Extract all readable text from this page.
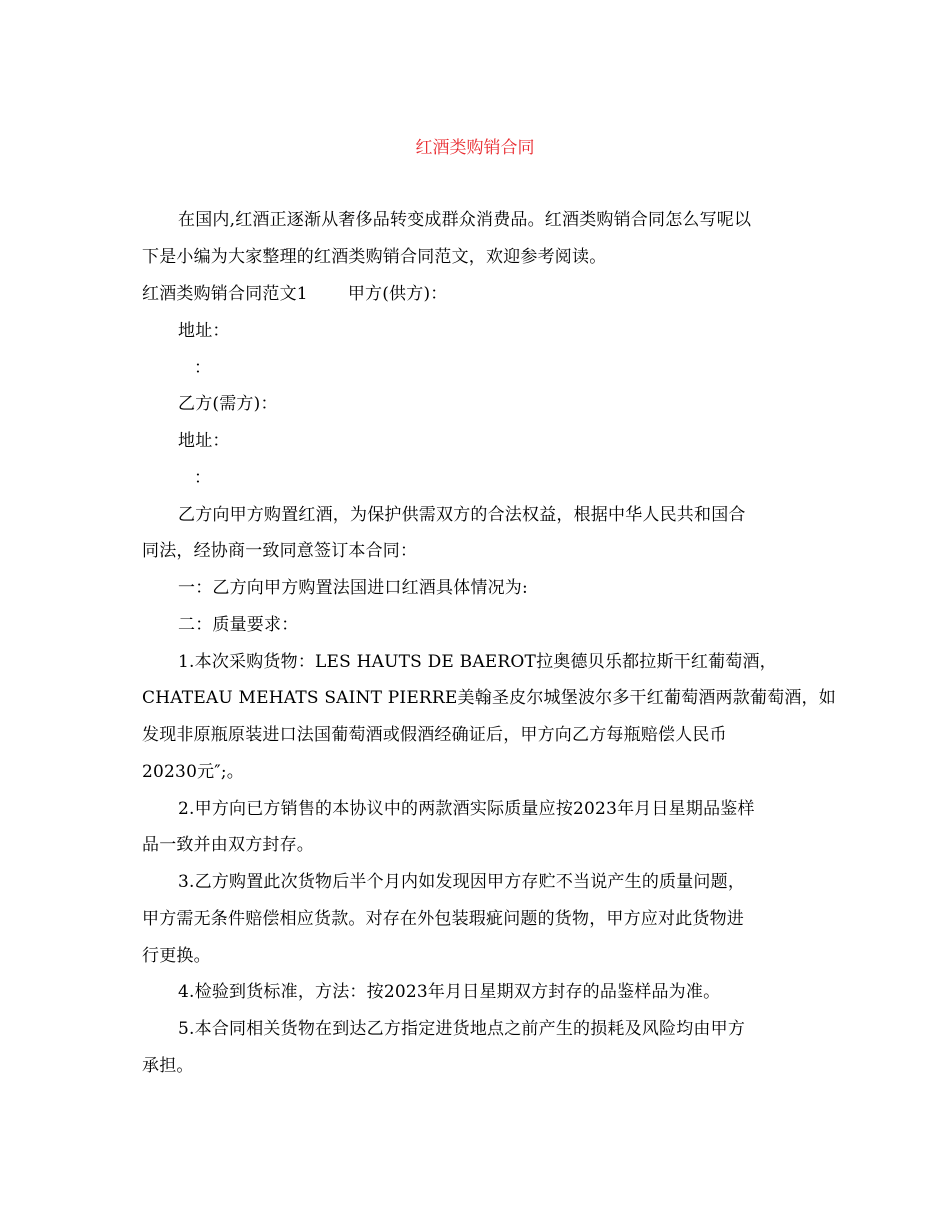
红酒类购销合同
在国内,红酒正逐渐从奢侈品转变成群众消费品。红酒类购销合同怎么写呢以
下是小编为大家整理的红酒类购销合同范文，欢迎参考阅读。
红酒类购销合同范文1 甲方(供方)：
地址：
：
乙方(需方)：
地址：
：
乙方向甲方购置红酒，为保护供需双方的合法权益，根据中华人民共和国合
同法，经协商一致同意签订本合同：
一：乙方向甲方购置法国进口红酒具体情况为:
二：质量要求：
1.本次采购货物：LES HAUTS DE BAEROT拉奥德贝乐都拉斯干红葡萄酒，
CHATEAU MEHATS SAINT PIERRE美翰圣皮尔城堡波尔多干红葡萄酒两款葡萄酒，如
发现非原瓶原装进口法国葡萄酒或假酒经确证后，甲方向乙方每瓶赔偿人民币
20230元″;。
2.甲方向已方销售的本协议中的两款酒实际质量应按2023年月日星期品鉴样
品一致并由双方封存。
3.乙方购置此次货物后半个月内如发现因甲方存贮不当说产生的质量问题，
甲方需无条件赔偿相应货款。对存在外包装瑕疵问题的货物，甲方应对此货物进
行更换。
4.检验到货标准，方法：按2023年月日星期双方封存的品鉴样品为准。
5.本合同相关货物在到达乙方指定进货地点之前产生的损耗及风险均由甲方
承担。
